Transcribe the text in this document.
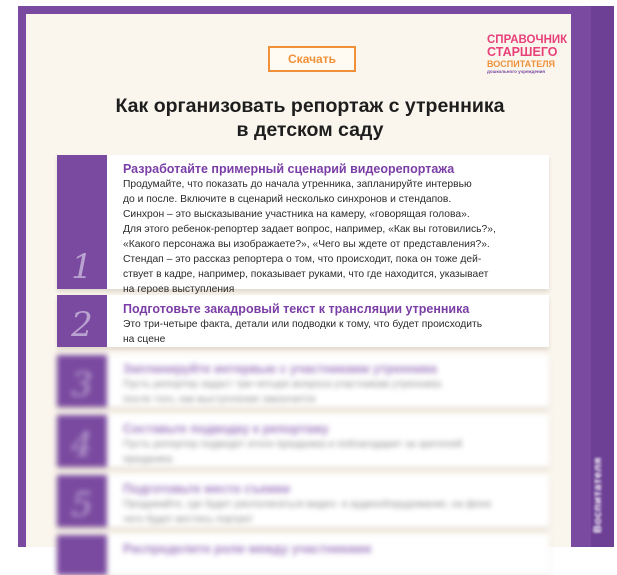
Воспитателя
Скачать
СПРАВОЧНИК
СТАРШЕГО
ВОСПИТАТЕЛЯ
дошкольного учреждения
Как организовать репортаж с утренника
в детском саду
1
Разработайте примерный сценарий видеорепортажа
Продумайте, что показать до начала утренника, запланируйте интервью
до и после. Включите в сценарий несколько синхронов и стендапов.
Синхрон – это высказывание участника на камеру, «говорящая голова».
Для этого ребенок-репортер задает вопрос, например, «Как вы готовились?»,
«Какого персонажа вы изображаете?», «Чего вы ждете от представления?».
Стендап – это рассказ репортера о том, что происходит, пока он тоже дей-
ствует в кадре, например, показывает руками, что где находится, указывает
на героев выступления
2	Подготовьте закадровый текст к трансляции утренника
Это три-четыре факта, детали или подводки к тому, что будет происходить
на сцене
3	Запланируйте интервью с участниками утренника
Пусть репортер задаст три-четыре вопроса участникам утренника
после того, как выступление закончится
4	Составьте подводку к репортажу
Пусть репортер подведет итоги праздника и поблагодарит за зрителей
праздника
5	Подготовьте место съемки
Продумайте, где будет располагаться видео- и аудиооборудование, на фоне
чего будет вестись портрет
Распределите роли между участниками
